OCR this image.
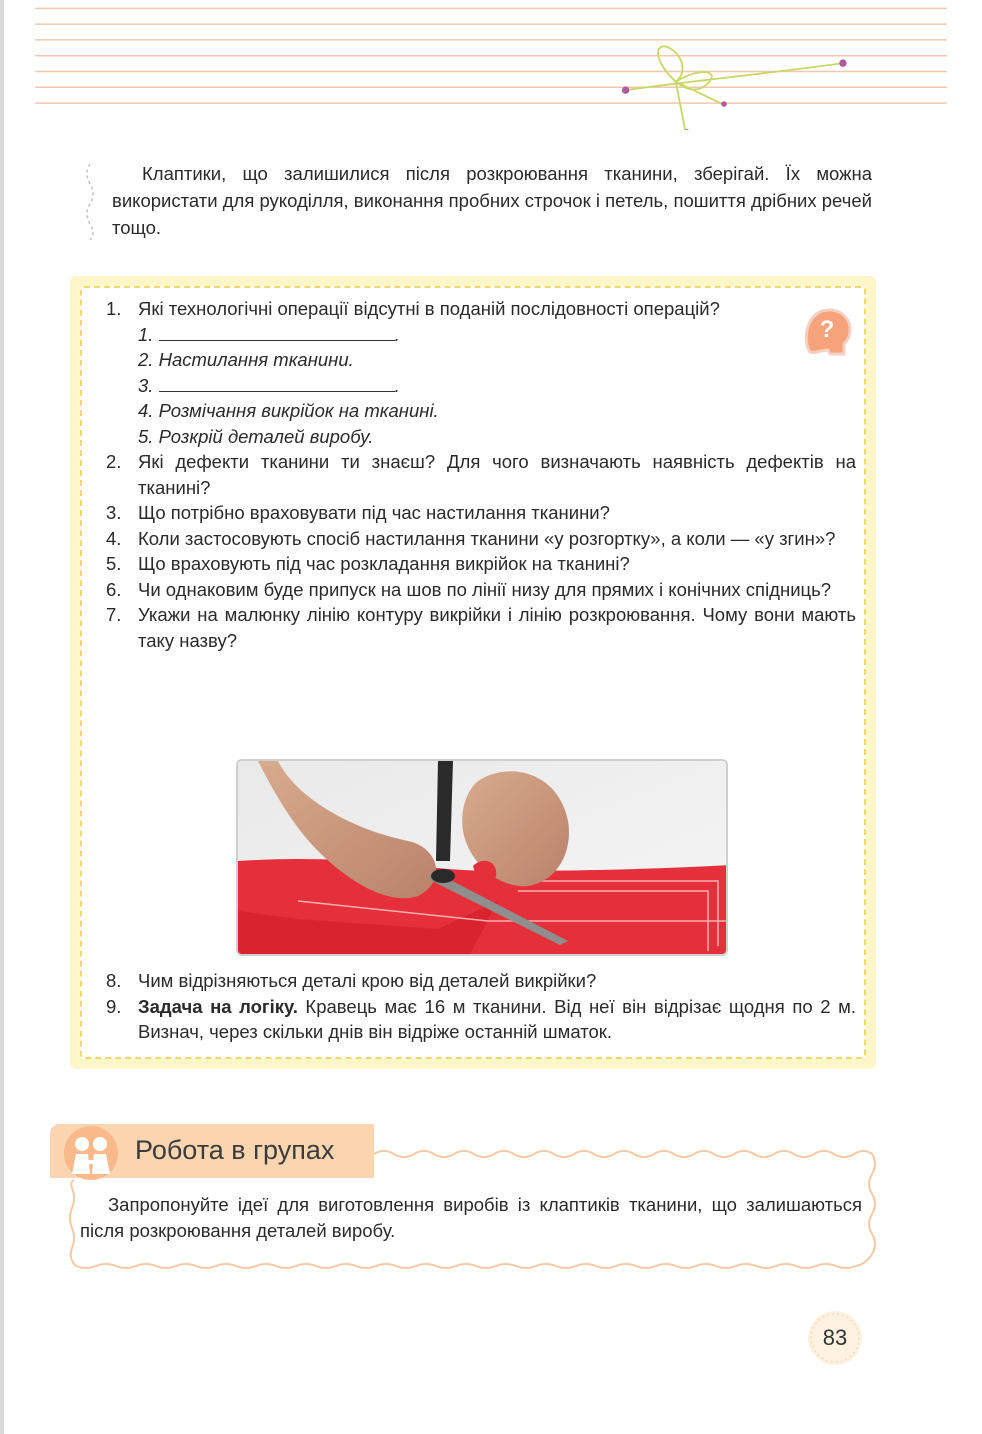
Клаптики, що залишилися після розкроювання тканини, зберігай. Їх можна використати для рукоділля, виконання пробних строчок і петель, пошиття дрібних речей тощо.

?
1. Які технологічні операції відсутні в поданій послідовності операцій?
1.	.
2. Настилання тканини.
3.	.
4. Розмічання викрійок на тканині.
5. Розкрій деталей виробу.
2. Які дефекти тканини ти знаєш? Для чого визначають наявність дефектів на тканині?
3. Що потрібно враховувати під час настилання тканини?
4. Коли застосовують спосіб настилання тканини «у розгортку», а коли — «у згин»?
5. Що враховують під час розкладання викрійок на тканині?
6. Чи однаковим буде припуск на шов по лінії низу для прямих і конічних спідниць?
7. Укажи на малюнку лінію контуру викрійки і лінію розкроювання. Чому вони мають таку назву?
8. Чим відрізняються деталі крою від деталей викрійки?
9. Задача на логіку. Кравець має 16 м тканини. Від неї він відрізає щодня по 2 м. Визнач, через скільки днів він відріже останній шматок.
Робота в групах

Запропонуйте ідеї для виготовлення виробів із клаптиків тканини, що залишаються після розкроювання деталей виробу.

83
